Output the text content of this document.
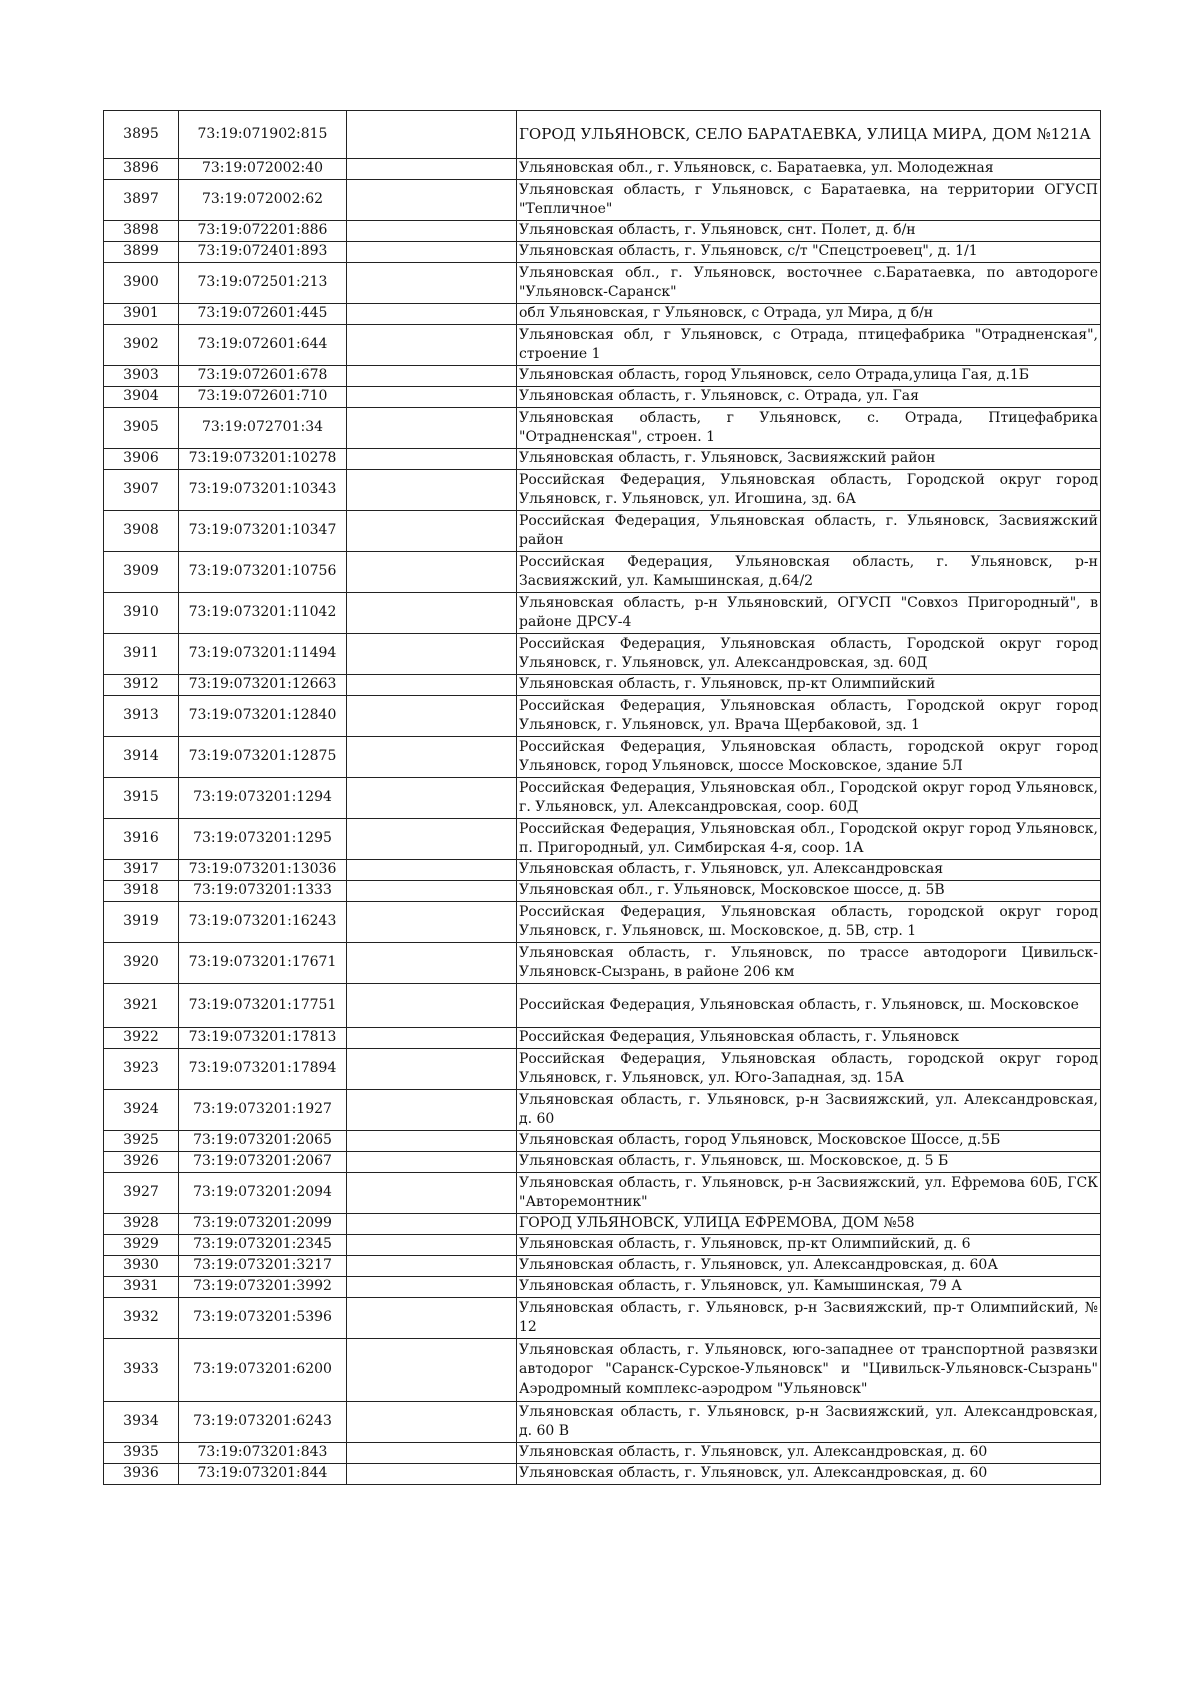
3895	73:19:071902:815		ГОРОД УЛЬЯНОВСК, СЕЛО БАРАТАЕВКА, УЛИЦА МИРА, ДОМ №121А
3896	73:19:072002:40		Ульяновская обл., г. Ульяновск, с. Баратаевка, ул. Молодежная
3897	73:19:072002:62		Ульяновская область, г Ульяновск, с Баратаевка, на территории ОГУСП "Тепличное"
3898	73:19:072201:886		Ульяновская область, г. Ульяновск, снт. Полет, д. б/н
3899	73:19:072401:893		Ульяновская область, г. Ульяновск, с/т "Спецстроевец", д. 1/1
3900	73:19:072501:213		Ульяновская обл., г. Ульяновск, восточнее с.Баратаевка, по автодороге "Ульяновск-Саранск"
3901	73:19:072601:445		обл Ульяновская, г Ульяновск, с Отрада, ул Мира, д б/н
3902	73:19:072601:644		Ульяновская обл, г Ульяновск, с Отрада, птицефабрика "Отрадненская", строение 1
3903	73:19:072601:678		Ульяновская область, город Ульяновск, село Отрада,улица Гая, д.1Б
3904	73:19:072601:710		Ульяновская область, г. Ульяновск, с. Отрада, ул. Гая
3905	73:19:072701:34		Ульяновская область, г Ульяновск, с. Отрада, Птицефабрика "Отрадненская", строен. 1
3906	73:19:073201:10278		Ульяновская область, г. Ульяновск, Засвияжский район
3907	73:19:073201:10343		Российская Федерация, Ульяновская область, Городской округ город Ульяновск, г. Ульяновск, ул. Игошина, зд. 6А
3908	73:19:073201:10347		Российская Федерация, Ульяновская область, г. Ульяновск, Засвияжский район
3909	73:19:073201:10756		Российская Федерация, Ульяновская область, г. Ульяновск, р-н Засвияжский, ул. Камышинская, д.64/2
3910	73:19:073201:11042		Ульяновская область, р-н Ульяновский, ОГУСП "Совхоз Пригородный", в районе ДРСУ-4
3911	73:19:073201:11494		Российская Федерация, Ульяновская область, Городской округ город Ульяновск, г. Ульяновск, ул. Александровская, зд. 60Д
3912	73:19:073201:12663		Ульяновская область, г. Ульяновск, пр-кт Олимпийский
3913	73:19:073201:12840		Российская Федерация, Ульяновская область, Городской округ город Ульяновск, г. Ульяновск, ул. Врача Щербаковой, зд. 1
3914	73:19:073201:12875		Российская Федерация, Ульяновская область, городской округ город Ульяновск, город Ульяновск, шоссе Московское, здание 5Л
3915	73:19:073201:1294		Российская Федерация, Ульяновская обл., Городской округ город Ульяновск, г. Ульяновск, ул. Александровская, соор. 60Д
3916	73:19:073201:1295		Российская Федерация, Ульяновская обл., Городской округ город Ульяновск, п. Пригородный, ул. Симбирская 4-я, соор. 1А
3917	73:19:073201:13036		Ульяновская область, г. Ульяновск, ул. Александровская
3918	73:19:073201:1333		Ульяновская обл., г. Ульяновск, Московское шоссе, д. 5В
3919	73:19:073201:16243		Российская Федерация, Ульяновская область, городской округ город Ульяновск, г. Ульяновск, ш. Московское, д. 5В, стр. 1
3920	73:19:073201:17671		Ульяновская область, г. Ульяновск, по трассе автодороги Цивильск-Ульяновск-Сызрань, в районе 206 км
3921	73:19:073201:17751		Российская Федерация, Ульяновская область, г. Ульяновск, ш. Московское
3922	73:19:073201:17813		Российская Федерация, Ульяновская область, г. Ульяновск
3923	73:19:073201:17894		Российская Федерация, Ульяновская область, городской округ город Ульяновск, г. Ульяновск, ул. Юго-Западная, зд. 15А
3924	73:19:073201:1927		Ульяновская область, г. Ульяновск, р-н Засвияжский, ул. Александровская, д. 60
3925	73:19:073201:2065		Ульяновская область, город Ульяновск, Московское Шоссе, д.5Б
3926	73:19:073201:2067		Ульяновская область, г. Ульяновск, ш. Московское, д. 5 Б
3927	73:19:073201:2094		Ульяновская область, г. Ульяновск, р-н Засвияжский, ул. Ефремова 60Б, ГСК "Авторемонтник"
3928	73:19:073201:2099		ГОРОД УЛЬЯНОВСК, УЛИЦА ЕФРЕМОВА, ДОМ №58
3929	73:19:073201:2345		Ульяновская область, г. Ульяновск, пр-кт Олимпийский, д. 6
3930	73:19:073201:3217		Ульяновская область, г. Ульяновск, ул. Александровская, д. 60А
3931	73:19:073201:3992		Ульяновская область, г. Ульяновск, ул. Камышинская, 79 А
3932	73:19:073201:5396		Ульяновская область, г. Ульяновск, р-н Засвияжский, пр-т Олимпийский, № 12
3933	73:19:073201:6200		Ульяновская область, г. Ульяновск, юго-западнее от транспортной развязки автодорог "Саранск-Сурское-Ульяновск" и "Цивильск-Ульяновск-Сызрань" Аэродромный комплекс-аэродром "Ульяновск"
3934	73:19:073201:6243		Ульяновская область, г. Ульяновск, р-н Засвияжский, ул. Александровская, д. 60 В
3935	73:19:073201:843		Ульяновская область, г. Ульяновск, ул. Александровская, д. 60
3936	73:19:073201:844		Ульяновская область, г. Ульяновск, ул. Александровская, д. 60
